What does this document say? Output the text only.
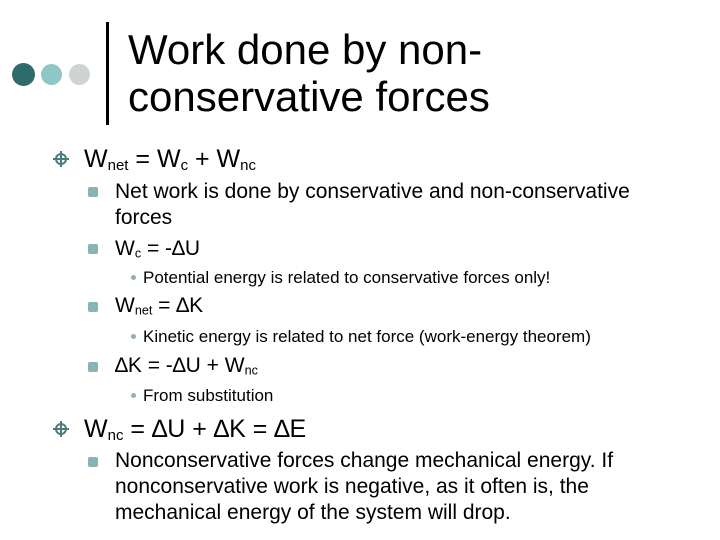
Work done by non-
conservative forces
$W_{net} = W_c + W_{nc}$
Net work is done by conservative and non-conservative
forces
$W_c = -\Delta U$
Potential energy is related to conservative forces only!
$W_{net} = \Delta K$
Kinetic energy is related to net force (work-energy theorem)
$\Delta K = -\Delta U + W_{nc}$
From substitution
$W_{nc} = \Delta U + \Delta K = \Delta E$
Nonconservative forces change mechanical energy. If
nonconservative work is negative, as it often is, the
mechanical energy of the system will drop.
